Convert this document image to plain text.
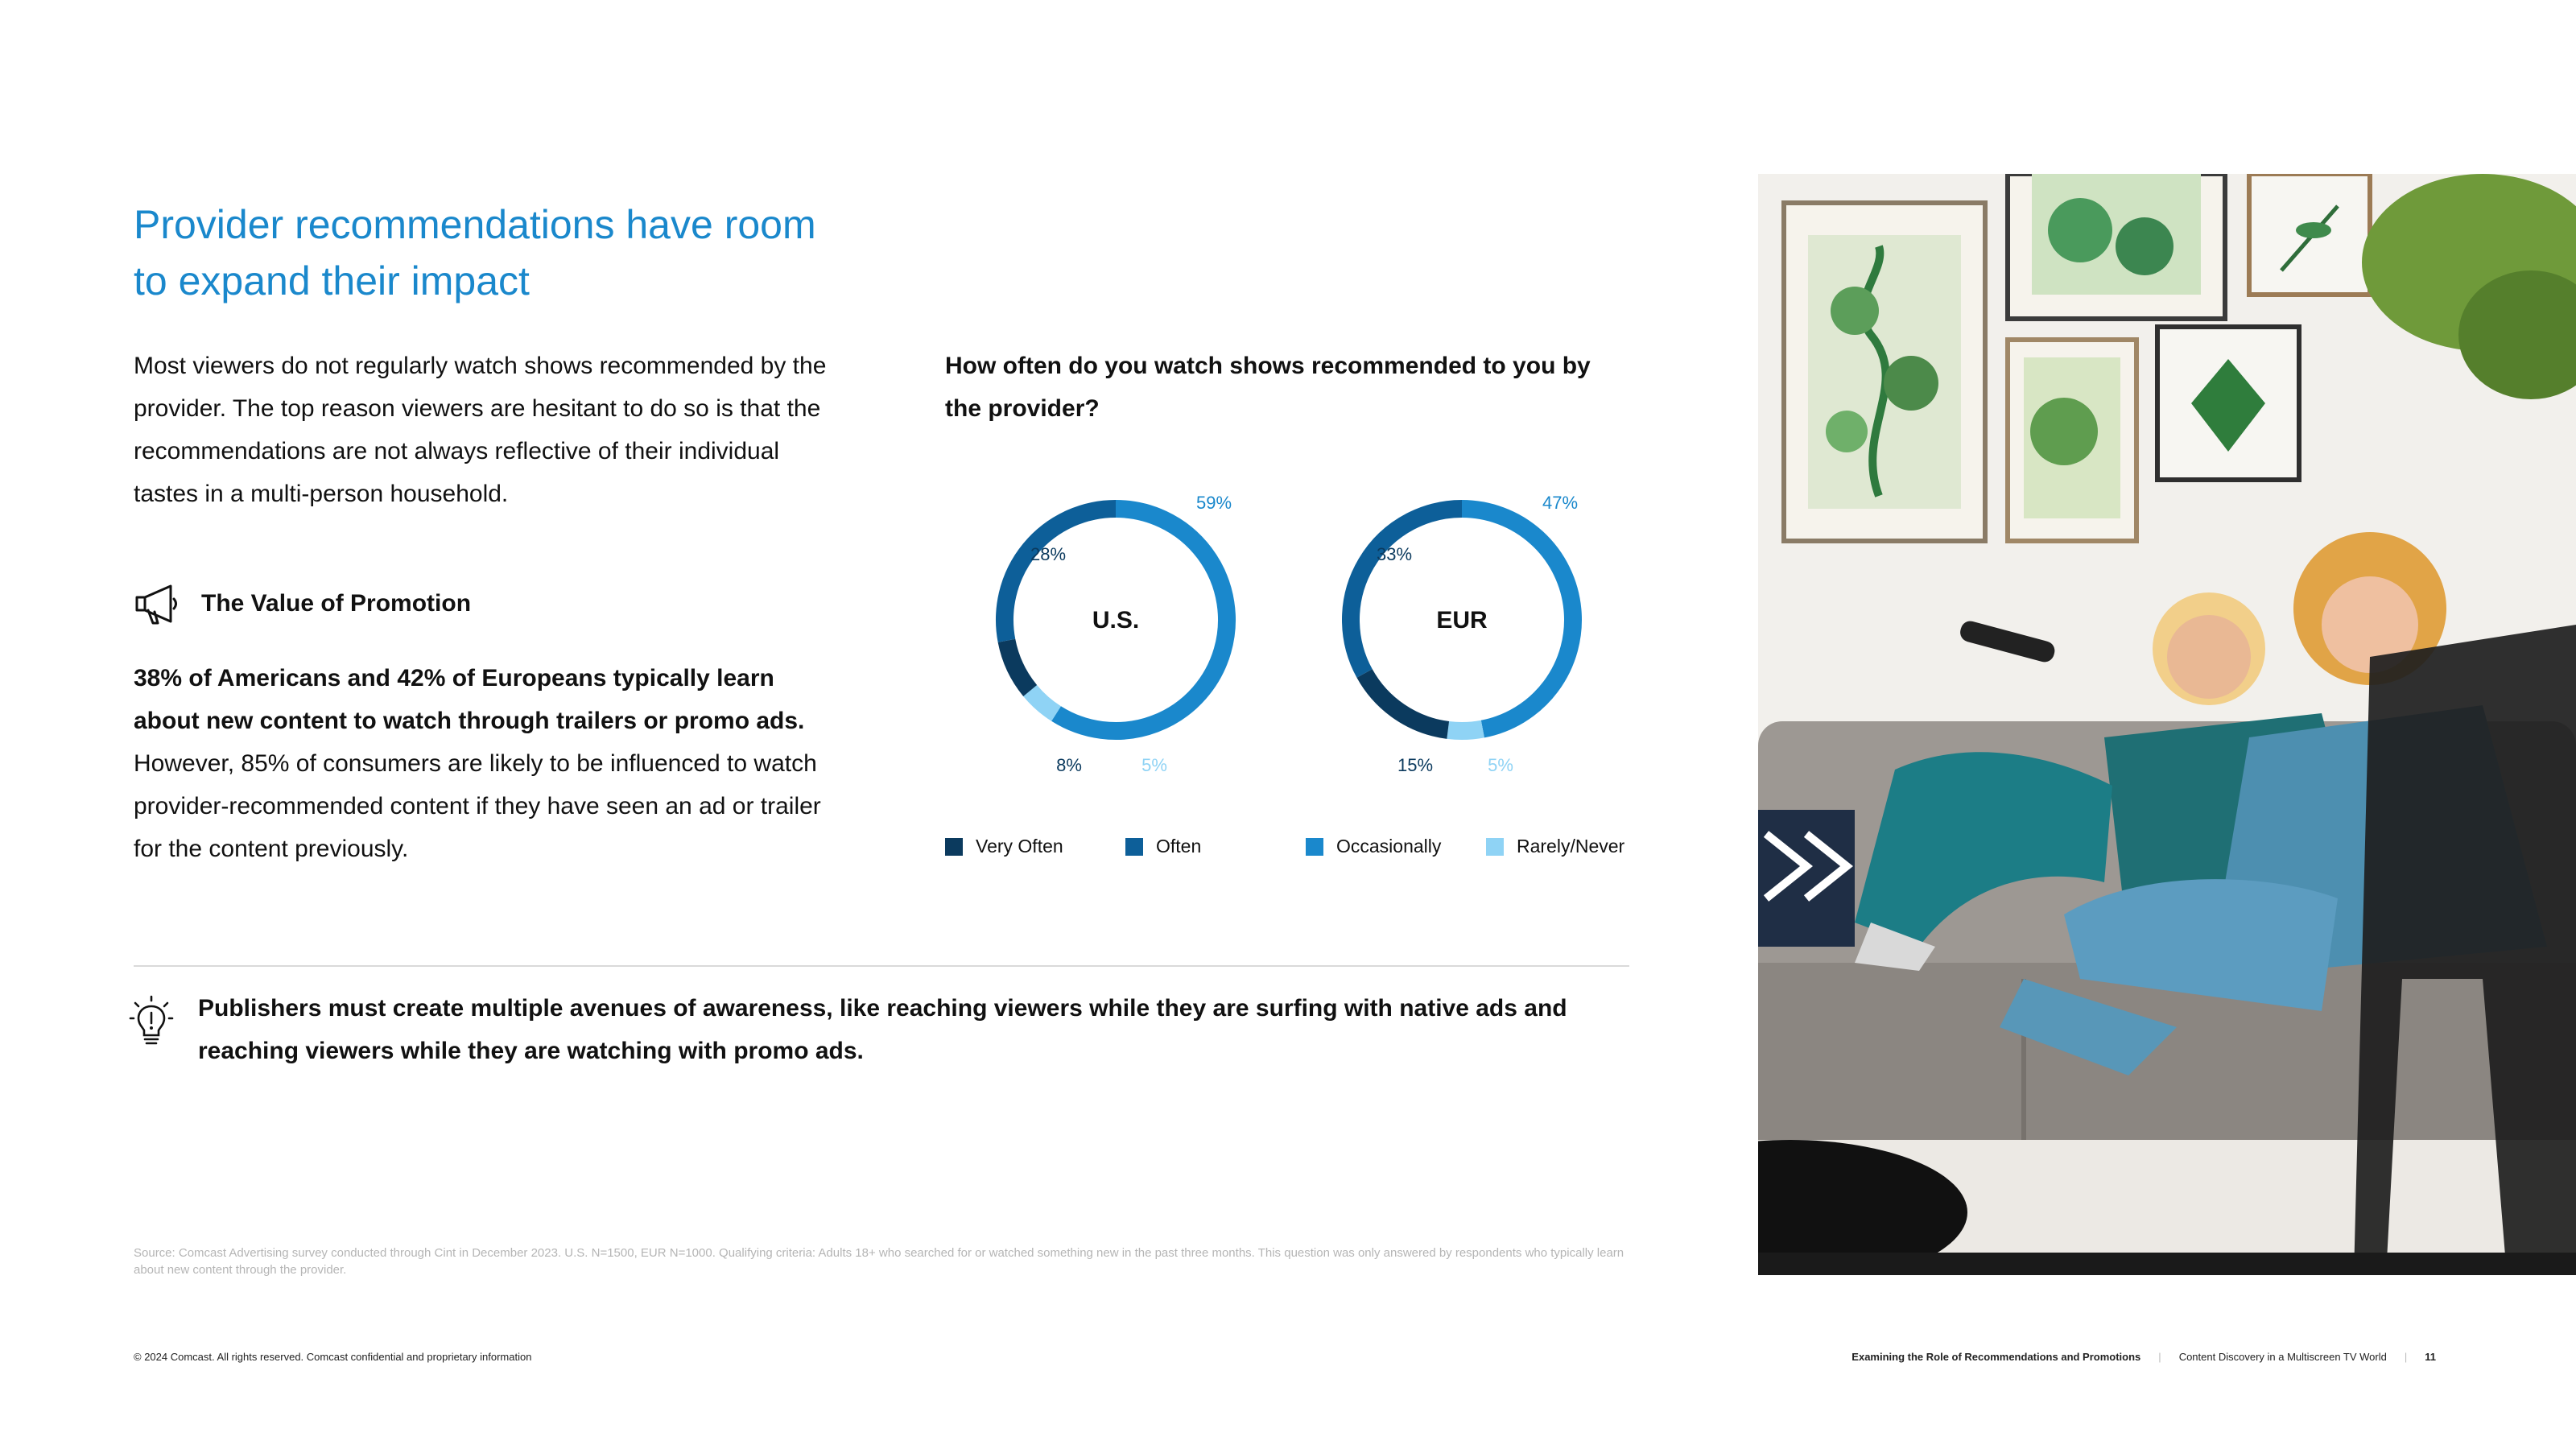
Provider recommendations have room to expand their impact
Most viewers do not regularly watch shows recommended by the provider. The top reason viewers are hesitant to do so is that the recommendations are not always reflective of their individual tastes in a multi-person household.
The Value of Promotion
38% of Americans and 42% of Europeans typically learn about new content to watch through trailers or promo ads. However, 85% of consumers are likely to be influenced to watch provider-recommended content if they have seen an ad or trailer for the content previously.
How often do you watch shows recommended to you by the provider?
U.S.
8%
28%
59%
5%
EUR
15%
33%
47%
5%
Very Often	Often	Occasionally	Rarely/Never
Publishers must create multiple avenues of awareness, like reaching viewers while they are surfing with native ads and reaching viewers while they are watching with promo ads.
Source: Comcast Advertising survey conducted through Cint in December 2023. U.S. N=1500, EUR N=1000. Qualifying criteria: Adults 18+ who searched for or watched something new in the past three months. This question was only answered by respondents who typically learn about new content through the provider.
© 2024 Comcast. All rights reserved. Comcast confidential and proprietary information	Examining the Role of Recommendations and Promotions | Content Discovery in a Multiscreen TV World | 11
